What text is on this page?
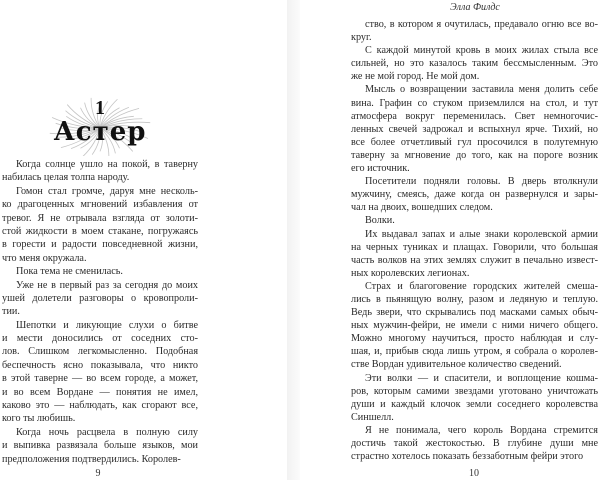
1
Астер
Когда солнце ушло на покой, в таверну
набилась целая толпа народу.
Гомон стал громче, даруя мне несколь-
ко драгоценных мгновений избавления от
тревог. Я не отрывала взгляда от золоти-
стой жидкости в моем стакане, погружаясь
в горести и радости повседневной жизни,
что меня окружала.
Пока тема не сменилась.
Уже не в первый раз за сегодня до моих
ушей долетели разговоры о кровопроли-
тии.
Шепотки и ликующие слухи о битве
и мести доносились от соседних сто-
лов. Слишком легкомысленно. Подобная
беспечность ясно показывала, что никто
в этой таверне — во всем городе, а может,
и во всем Вордане — понятия не имел,
каково это — наблюдать, как сгорают все,
кого ты любишь.
Когда ночь расцвела в полную силу
и выпивка развязала больше языков, мои
предположения подтвердились. Королев-
9
Элла Филдс
ство, в котором я очутилась, предавало огню все во-
круг.
С каждой минутой кровь в моих жилах стыла все
сильней, но это казалось таким бессмысленным. Это
же не мой город. Не мой дом.
Мысль о возвращении заставила меня долить себе
вина. Графин со стуком приземлился на стол, и тут
атмосфера вокруг переменилась. Свет немногочис-
ленных свечей задрожал и вспыхнул ярче. Тихий, но
все более отчетливый гул просочился в полутемную
таверну за мгновение до того, как на пороге возник
его источник.
Посетители подняли головы. В дверь втолкнули
мужчину, смеясь, даже когда он развернулся и зары-
чал на двоих, вошедших следом.
Волки.
Их выдавал запах и алые знаки королевской армии
на черных туниках и плащах. Говорили, что большая
часть волков на этих землях служит в печально извест-
ных королевских легионах.
Страх и благоговение городских жителей смеша-
лись в пьянящую волну, разом и ледяную и теплую.
Ведь звери, что скрывались под масками самых обыч-
ных мужчин-фейри, не имели с ними ничего общего.
Можно многому научиться, просто наблюдая и слу-
шая, и, прибыв сюда лишь утром, я собрала о королев-
стве Вордан удивительное количество сведений.
Эти волки — и спасители, и воплощение кошма-
ров, которым самими звездами уготовано уничтожать
души и каждый клочок земли соседнего королевства
Синшелл.
Я не понимала, чего король Вордана стремится
достичь такой жестокостью. В глубине души мне
страстно хотелось показать беззаботным фейри этого
10
